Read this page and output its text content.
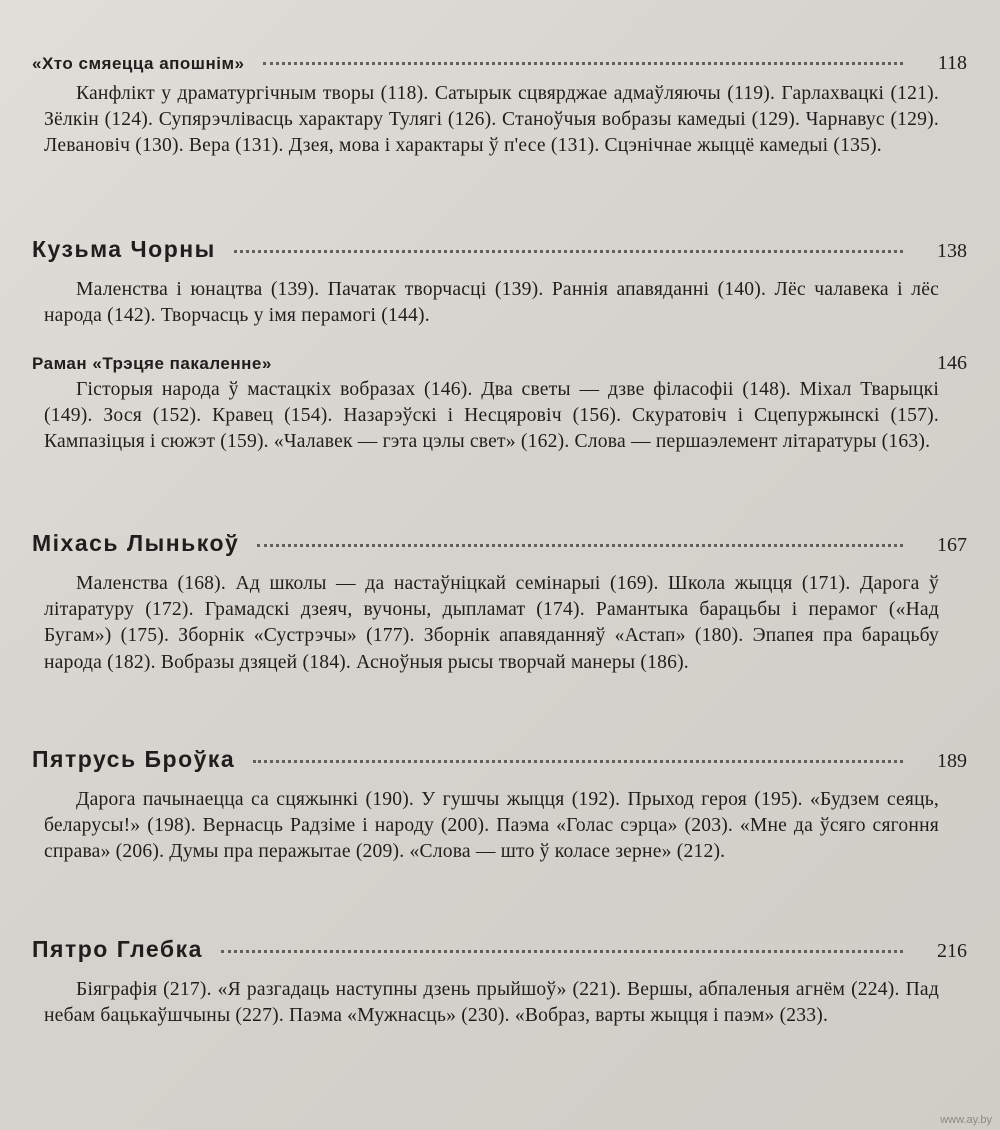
«Хто смяецца апошнім»	118
Канфлікт у драматургічным творы (118). Сатырык сцвярджае адмаўляючы (119). Гарлахвацкі (121). Зёлкін (124). Супярэчлівасць характару Тулягі (126). Станоўчыя вобразы камедыі (129). Чарнавус (129). Левановіч (130). Вера (131). Дзея, мова і характары ў п'есе (131). Сцэнічнае жыццё камедыі (135).
Кузьма Чорны	138
Маленства і юнацтва (139). Пачатак творчасці (139). Раннія апавяданні (140). Лёс чалавека і лёс народа (142). Творчасць у імя перамогі (144).
Раман «Трэцяе пакаленне»	146
Гісторыя народа ў мастацкіх вобразах (146). Два светы — дзве філасофіі (148). Міхал Тварыцкі (149). Зося (152). Кравец (154). Назарэўскі і Несцяровіч (156). Скуратовіч і Сцепуржынскі (157). Кампазіцыя і сюжэт (159). «Чалавек — гэта цэлы свет» (162). Слова — першаэлемент літаратуры (163).
Міхась Лынькоў	167
Маленства (168). Ад школы — да настаўніцкай семінарыі (169). Школа жыцця (171). Дарога ў літаратуру (172). Грамадскі дзеяч, вучоны, дыпламат (174). Рамантыка барацьбы і перамог («Над Бугам») (175). Зборнік «Сустрэчы» (177). Зборнік апавяданняў «Астап» (180). Эпапея пра барацьбу народа (182). Вобразы дзяцей (184). Асноўныя рысы творчай манеры (186).
Пятрусь Броўка	189
Дарога пачынаецца са сцяжынкі (190). У гушчы жыцця (192). Прыход героя (195). «Будзем сеяць, беларусы!» (198). Вернасць Радзіме і народу (200). Паэма «Голас сэрца» (203). «Мне да ўсяго сягоння справа» (206). Думы пра перажытае (209). «Слова — што ў коласе зерне» (212).
Пятро Глебка	216
Біяграфія (217). «Я разгадаць наступны дзень прыйшоў» (221). Вершы, абпаленыя агнём (224). Пад небам бацькаўшчыны (227). Паэма «Мужнасць» (230). «Вобраз, варты жыцця і паэм» (233).
www.ay.by
